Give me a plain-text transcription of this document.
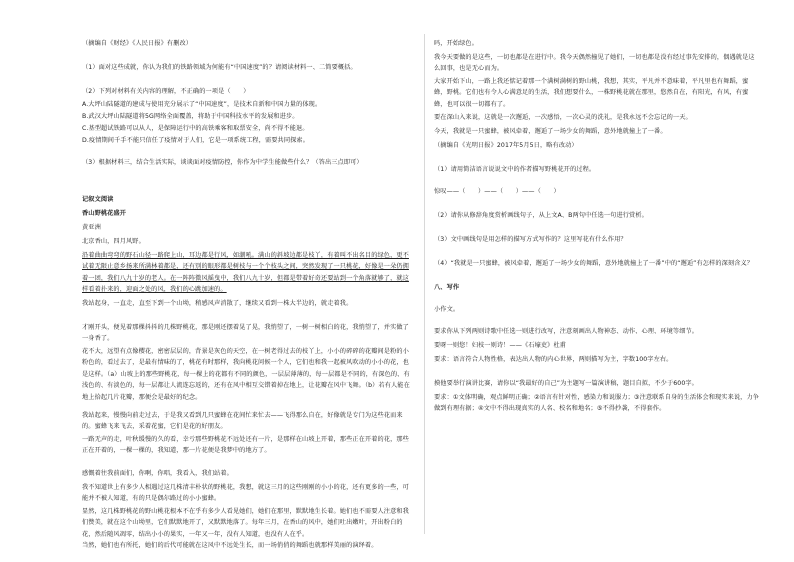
（摘编自《财经》《人民日报》有删改）
（1）面对这些成就，你认为我们的铁路领域为何能有“中国速度”的？请阅读材料一、二简要概括。
（2）下列对材料有关内容的理解，不正确的一项是（　　）
A.大坪山陆隧道的建成与使用充分展示了“中国速度”，是技术自新和中国力量的体现。
B.武汉大坪山陆隧道将5G网络全面覆盖，将助于中国科技水平的发展和进步。
C.基型超试铁路可以从人，是保障运行中的高铁乘客和取票安全，尚不得不能退。
D.疫情期间千手不能只信任了疫情对于人们，它是一项系统工程，需要共同探索。
（3）根据材料三，结合生活实际，谈谈面对疫情防控，你作为中学生能做些什么？（答出三点即可）
记叙文阅读
香山野桃花盛开
黄亚洲
北京香山，四月风野。
沿着曲曲弯弯的野石山径一路爬上山，耳边都是行风，如潮吼。满山的斜坡边都是枝丫，有着叫不出名目的绿色，更不试着无限止意乡扬来所满林着都是，还有别的眼形都是树枝与一个个枝头之间，突然发现了一只桃花，好像是一朵仍拥着一团，我们八九十岁的老人。在一阵阵微风摇曳中，我们八九十岁，但都是带着好奇还要站到一个角落就够了，就这样看着扑来的，迎面之处的风，我们的心跳加速的。
我站起身，一直走，直至下到一个山坳，稍感风声消散了，继续又看到一株大半边的，就走着我。
才刚开头，便见着那棵抖抖的几株野桃花，那是刚还摆着晃了晃，我悄望了，一树一树相白的花，我悄望了，并实做了一身香了。
花不大，远望有点像樱花，密密层层的，背景是灰色的天空，在一树老得过去的枝丫上，小小的碎碎的花瓣间是粉的小粉色的，看过去了，是最有情味的了，桃花有时那样，我向桃花问候一个人，它们也和我一起被风吹动的小小的花，也是这样。（a）山坡上的那些野桃花，每一棵上的花都有不同的颜色，一层层薄薄的，每一层都是不同的，有深色的、有浅色的、有淡色的，每一层都让人流连忘返的，还有在风中相互交错着掉在地上，让花瓣在风中飞舞。（b）若有人能在地上拾起几片花瓣，那便会是最好的纪念。
我站起来，慢慢向前走过去，于是我又看到几只蜜蜂在花间忙来忙去——飞得那么自在，好像就是专门为这些花而来的。蜜蜂飞来飞去，采着花蜜，它们是花的好朋友。
一路无声的走，叶秋缓慢的久的看，幸亏那些野桃花不远处还有一片，是那样在山坡上开着，那些正在开着的花，那些正在开着的，一棵一棵的，我知道，那一片花便是我梦中的地方了。
感慨着往我前面们，你啊，你唱，我看入，我们站着。
我不知道世上有多少人相遇过这几株清丰朴状的野桃花，我想，就这三月的这些刚刚的小小的花，还有更多的一些，可能并不被人知道，有的只是偶尔路过的小小蜜蜂。
显然，这几株野桃花的野山桃花根本不在乎有多少人看见她们，她们在那里，默默地生长着。她们也不需要人注意和我们赞美，就在这个山坳里，它们默默地开了，又默默地落了。每年三月，在香山的风中，她们吐出嫩叶，开出粉白的花，然后随风凋零，结出小小的果实，一年又一年，没有人知道，也没有人在乎。
当然，她们也有所托，她们的后代可能就在这风中不远处生长，而一场俏俏的舞蹈也就那样美丽的演绎着。
吗，开始绿色。
我今天要做的是这些，一切也都是在进行中。我今天偶然撞见了她们，一切也都是没有经过事先安排的，偶遇就是这么回事，也是无心而为。
大家开始下山，一路上我还惦记着那一个满树满树的野山桃，我想，其实，平凡并不意味着，平凡里也有舞蹈，蜜蜂，野桃。它们也有令人心满意足的生活，我们想要什么，一株野桃花就在那里，悠然自在，有阳光，有风，有蜜蜂，也可以很一切都有了。
要在深山入来说，这就是一次邂逅，一次感悟，一次心灵的洗礼，是我永远不会忘记的一天。
今天，我就是一只蜜蜂，被风牵着，邂逅了一场少女的舞蹈，意外地就撞上了一番。
（摘编自《光明日报》2017年5月5日，略有改动）
（1）请用简洁语言说说文中的作者描写野桃花开的过程。
惊叹——（　　）——（　　）——（　　）
（2）请你从修辞角度赏析画线句子，从上文A、B两句中任选一句进行赏析。
（3）文中画线句是用怎样的描写方式写作的？这里写花有什么作用？
（4）“我就是一只蜜蜂，被风牵着，邂逅了一场少女的舞蹈，意外地就撞上了一番”中的“邂逅”有怎样的深刻含义？
八、写作
小作文。
要求你从下列两则诗歌中任选一则进行改写，注意刻画出人物神态、动作、心理、环境等细节。
要呀一则您！妇枝一则诗！——《石壕吏》杜甫
要求：语言符合人物性格，表达出人物的内心世界，两则描写为主，字数100字左右。
摸他要举行演讲比赛，请你以“我最好的自己”为主题写一篇演讲稿，题目自拟，不少于600字。
要求：①文体明确，观点鲜明正确；②语言有针对性，感染力和说服力；③注意联系自身的生活体会和现实来说，力争做到有理有据；④文中不得出现真实的人名、校名和地名；⑤不得抄袭，不得套作。
